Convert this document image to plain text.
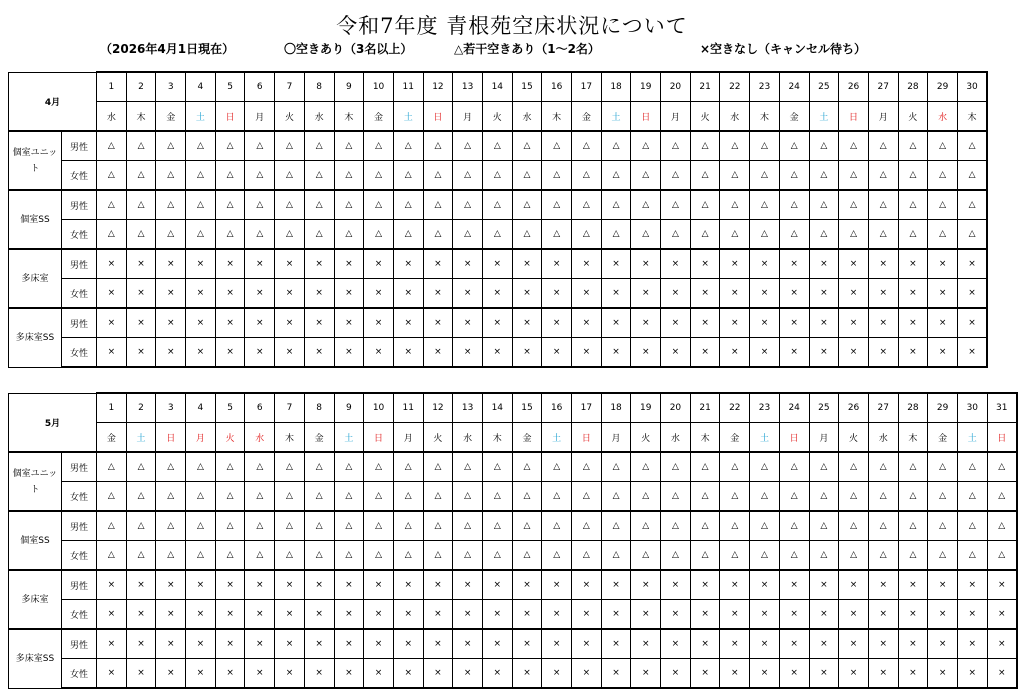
令和7年度 青根苑空床状況について
（2026年4月1日現在）	〇空きあり（3名以上）	△若干空きあり（1～2名）	×空きなし（キャンセル待ち）
4月		1	2	3	4	5	6	7	8	9	10	11	12	13	14	15	16	17	18	19	20	21	22	23	24	25	26	27	28	29	30
		水	木	金	土	日	月	火	水	木	金	土	日	月	火	水	木	金	土	日	月	火	水	木	金	土	日	月	火	水	木
個室ユニット	男性	△	△	△	△	△	△	△	△	△	△	△	△	△	△	△	△	△	△	△	△	△	△	△	△	△	△	△	△	△	△
	女性	△	△	△	△	△	△	△	△	△	△	△	△	△	△	△	△	△	△	△	△	△	△	△	△	△	△	△	△	△	△
個室SS	男性	△	△	△	△	△	△	△	△	△	△	△	△	△	△	△	△	△	△	△	△	△	△	△	△	△	△	△	△	△	△
	女性	△	△	△	△	△	△	△	△	△	△	△	△	△	△	△	△	△	△	△	△	△	△	△	△	△	△	△	△	△	△
多床室	男性	×	×	×	×	×	×	×	×	×	×	×	×	×	×	×	×	×	×	×	×	×	×	×	×	×	×	×	×	×	×
	女性	×	×	×	×	×	×	×	×	×	×	×	×	×	×	×	×	×	×	×	×	×	×	×	×	×	×	×	×	×	×
多床室SS	男性	×	×	×	×	×	×	×	×	×	×	×	×	×	×	×	×	×	×	×	×	×	×	×	×	×	×	×	×	×	×
	女性	×	×	×	×	×	×	×	×	×	×	×	×	×	×	×	×	×	×	×	×	×	×	×	×	×	×	×	×	×	×
5月		1	2	3	4	5	6	7	8	9	10	11	12	13	14	15	16	17	18	19	20	21	22	23	24	25	26	27	28	29	30	31
		金	土	日	月	火	水	木	金	土	日	月	火	水	木	金	土	日	月	火	水	木	金	土	日	月	火	水	木	金	土	日
個室ユニット	男性	△	△	△	△	△	△	△	△	△	△	△	△	△	△	△	△	△	△	△	△	△	△	△	△	△	△	△	△	△	△	△
	女性	△	△	△	△	△	△	△	△	△	△	△	△	△	△	△	△	△	△	△	△	△	△	△	△	△	△	△	△	△	△	△
個室SS	男性	△	△	△	△	△	△	△	△	△	△	△	△	△	△	△	△	△	△	△	△	△	△	△	△	△	△	△	△	△	△	△
	女性	△	△	△	△	△	△	△	△	△	△	△	△	△	△	△	△	△	△	△	△	△	△	△	△	△	△	△	△	△	△	△
多床室	男性	×	×	×	×	×	×	×	×	×	×	×	×	×	×	×	×	×	×	×	×	×	×	×	×	×	×	×	×	×	×	×
	女性	×	×	×	×	×	×	×	×	×	×	×	×	×	×	×	×	×	×	×	×	×	×	×	×	×	×	×	×	×	×	×
多床室SS	男性	×	×	×	×	×	×	×	×	×	×	×	×	×	×	×	×	×	×	×	×	×	×	×	×	×	×	×	×	×	×	×
	女性	×	×	×	×	×	×	×	×	×	×	×	×	×	×	×	×	×	×	×	×	×	×	×	×	×	×	×	×	×	×	×
